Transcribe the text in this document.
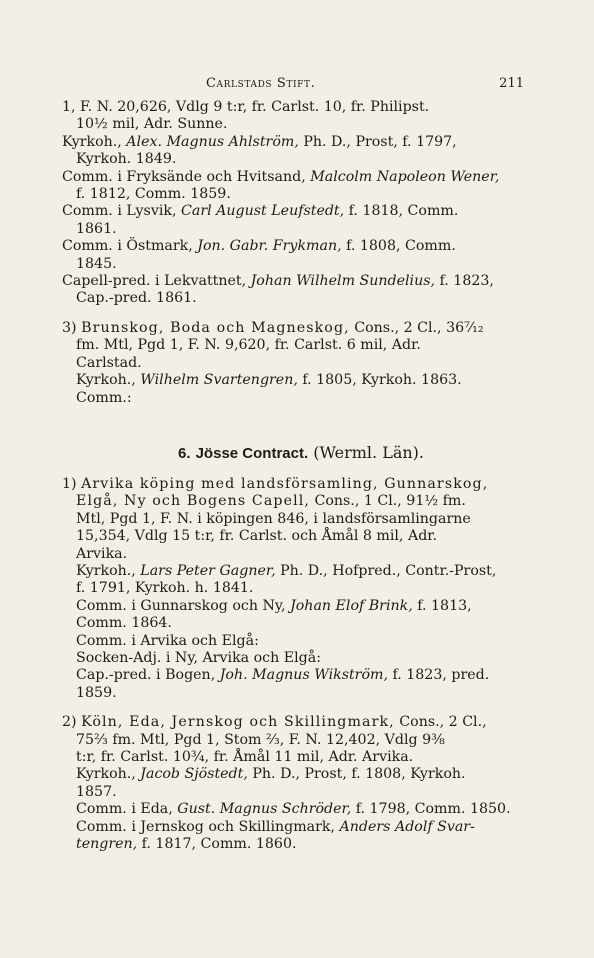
Carlstads Stift.	211
1, F. N. 20,626, Vdlg 9 t:r, fr. Carlst. 10, fr. Philipst.
10½ mil, Adr. Sunne.
Kyrkoh., Alex. Magnus Ahlström, Ph. D., Prost, f. 1797,
Kyrkoh. 1849.
Comm. i Fryksände och Hvitsand, Malcolm Napoleon Wener,
f. 1812, Comm. 1859.
Comm. i Lysvik, Carl August Leufstedt, f. 1818, Comm.
1861.
Comm. i Östmark, Jon. Gabr. Frykman, f. 1808, Comm.
1845.
Capell-pred. i Lekvattnet, Johan Wilhelm Sundelius, f. 1823,
Cap.-pred. 1861.
3) Brunskog, Boda och Magneskog, Cons., 2 Cl., 36⁷⁄₁₂
fm. Mtl, Pgd 1, F. N. 9,620, fr. Carlst. 6 mil, Adr.
Carlstad.
Kyrkoh., Wilhelm Svartengren, f. 1805, Kyrkoh. 1863.
Comm.:
6. Jösse Contract. (Werml. Län).
1) Arvika köping med landsförsamling, Gunnarskog,
Elgå, Ny och Bogens Capell, Cons., 1 Cl., 91½ fm.
Mtl, Pgd 1, F. N. i köpingen 846, i landsförsamlingarne
15,354, Vdlg 15 t:r, fr. Carlst. och Åmål 8 mil, Adr.
Arvika.
Kyrkoh., Lars Peter Gagner, Ph. D., Hofpred., Contr.-Prost,
f. 1791, Kyrkoh. h. 1841.
Comm. i Gunnarskog och Ny, Johan Elof Brink, f. 1813,
Comm. 1864.
Comm. i Arvika och Elgå:
Socken-Adj. i Ny, Arvika och Elgå:
Cap.-pred. i Bogen, Joh. Magnus Wikström, f. 1823, pred.
1859.
2) Köln, Eda, Jernskog och Skillingmark, Cons., 2 Cl.,
75⅔ fm. Mtl, Pgd 1, Stom ⅔, F. N. 12,402, Vdlg 9⅜
t:r, fr. Carlst. 10¾, fr. Åmål 11 mil, Adr. Arvika.
Kyrkoh., Jacob Sjöstedt, Ph. D., Prost, f. 1808, Kyrkoh.
1857.
Comm. i Eda, Gust. Magnus Schröder, f. 1798, Comm. 1850.
Comm. i Jernskog och Skillingmark, Anders Adolf Svar-
tengren, f. 1817, Comm. 1860.
